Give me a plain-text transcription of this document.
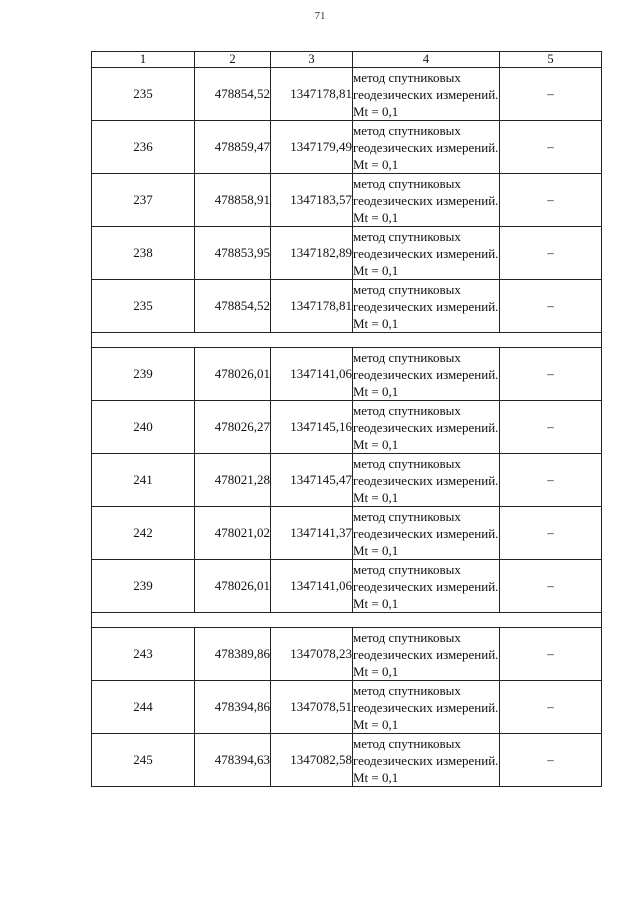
71
1	2	3	4	5
235	478854,52	1347178,81	метод спутниковых геодезических измерений. Mt = 0,1	–
236	478859,47	1347179,49	метод спутниковых геодезических измерений. Mt = 0,1	–
237	478858,91	1347183,57	метод спутниковых геодезических измерений. Mt = 0,1	–
238	478853,95	1347182,89	метод спутниковых геодезических измерений. Mt = 0,1	–
235	478854,52	1347178,81	метод спутниковых геодезических измерений. Mt = 0,1	–

239	478026,01	1347141,06	метод спутниковых геодезических измерений. Mt = 0,1	–
240	478026,27	1347145,16	метод спутниковых геодезических измерений. Mt = 0,1	–
241	478021,28	1347145,47	метод спутниковых геодезических измерений. Mt = 0,1	–
242	478021,02	1347141,37	метод спутниковых геодезических измерений. Mt = 0,1	–
239	478026,01	1347141,06	метод спутниковых геодезических измерений. Mt = 0,1	–

243	478389,86	1347078,23	метод спутниковых геодезических измерений. Mt = 0,1	–
244	478394,86	1347078,51	метод спутниковых геодезических измерений. Mt = 0,1	–
245	478394,63	1347082,58	метод спутниковых геодезических измерений. Mt = 0,1	–
